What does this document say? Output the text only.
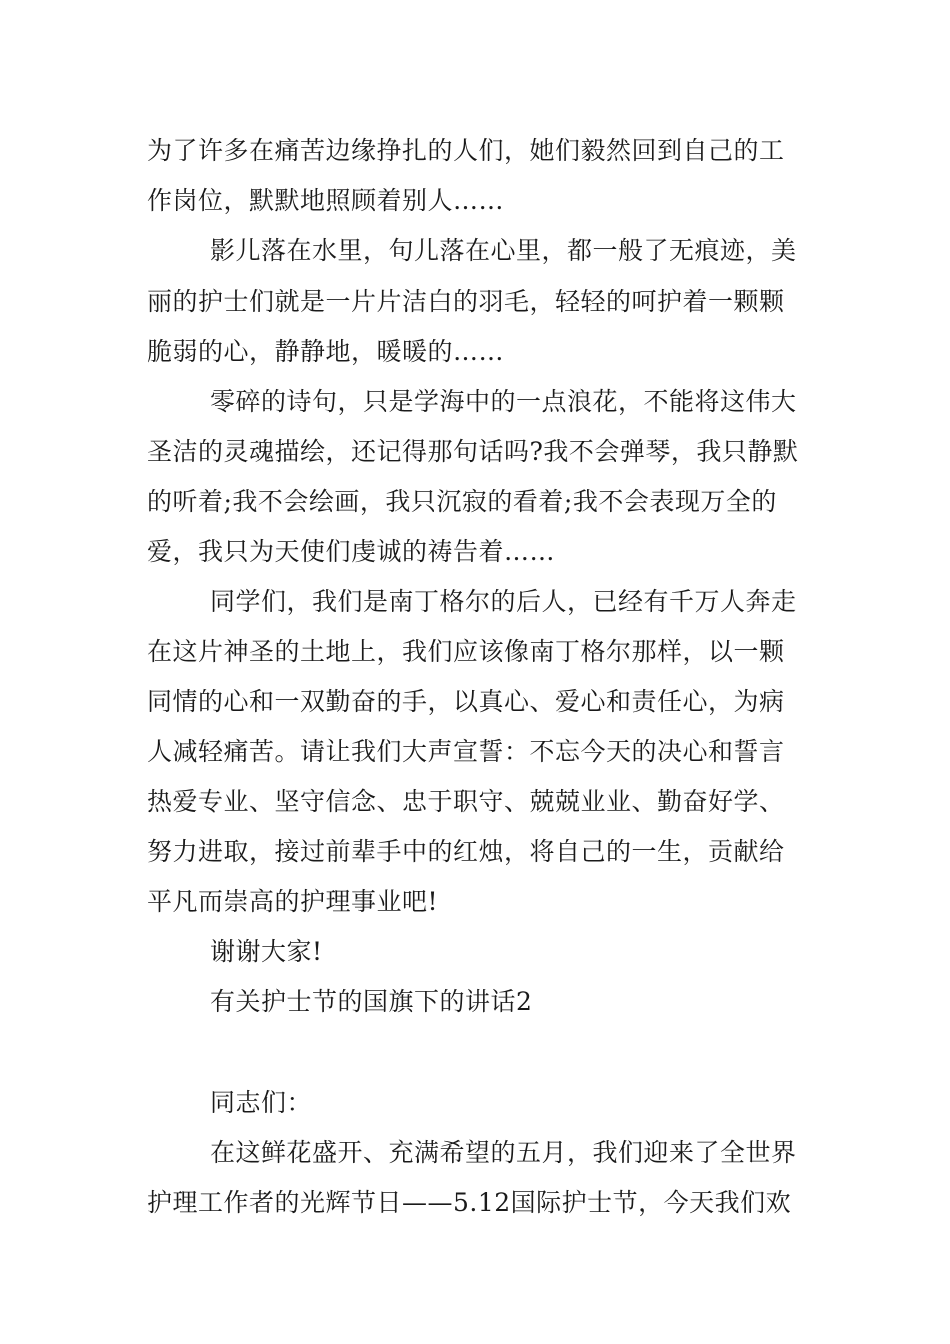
为了许多在痛苦边缘挣扎的人们，她们毅然回到自己的工
作岗位，默默地照顾着别人……
影儿落在水里，句儿落在心里，都一般了无痕迹，美
丽的护士们就是一片片洁白的羽毛，轻轻的呵护着一颗颗
脆弱的心，静静地，暖暖的……
零碎的诗句，只是学海中的一点浪花，不能将这伟大
圣洁的灵魂描绘，还记得那句话吗?我不会弹琴，我只静默
的听着;我不会绘画，我只沉寂的看着;我不会表现万全的
爱，我只为天使们虔诚的祷告着……
同学们，我们是南丁格尔的后人，已经有千万人奔走
在这片神圣的土地上，我们应该像南丁格尔那样，以一颗
同情的心和一双勤奋的手，以真心、爱心和责任心，为病
人减轻痛苦。请让我们大声宣誓：不忘今天的决心和誓言
热爱专业、坚守信念、忠于职守、兢兢业业、勤奋好学、
努力进取，接过前辈手中的红烛，将自己的一生，贡献给
平凡而崇高的护理事业吧!
谢谢大家!
有关护士节的国旗下的讲话2
同志们：
在这鲜花盛开、充满希望的五月，我们迎来了全世界
护理工作者的光辉节日——5.12国际护士节，今天我们欢
